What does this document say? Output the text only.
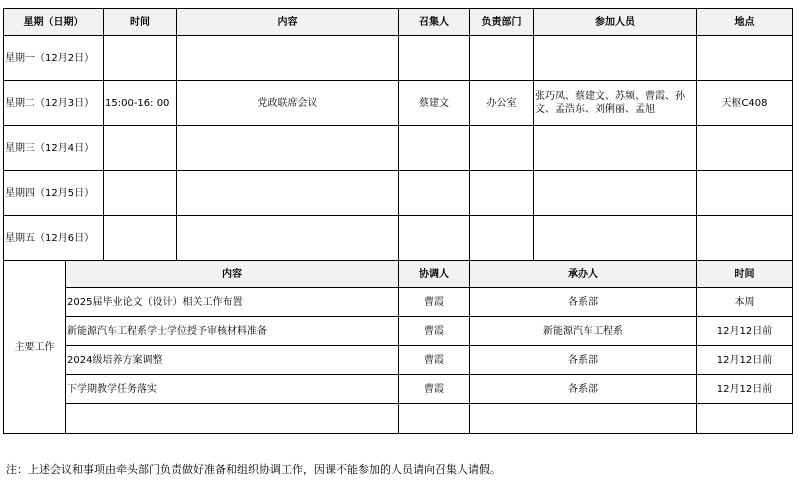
星期（日期）		时间	内容	召集人	负责部门	参加人员	地点
星期一（12月2日）							
星期二（12月3日）		15:00-16: 00	党政联席会议	蔡建文	办公室	张巧凤、蔡建文、苏频、曹霞、孙文、孟浩东、刘俐丽、孟旭	天枢C408
星期三（12月4日）							
星期四（12月5日）							
星期五（12月6日）							
主要工作	内容			协调人	承办人		时间
	2025届毕业论文（设计）相关工作布置			曹霞	各系部		本周
	新能源汽车工程系学士学位授予审核材料准备			曹霞	新能源汽车工程系		12月12日前
	2024级培养方案调整			曹霞	各系部		12月12日前
	下学期教学任务落实			曹霞	各系部		12月12日前

注：上述会议和事项由牵头部门负责做好准备和组织协调工作，因课不能参加的人员请向召集人请假。
